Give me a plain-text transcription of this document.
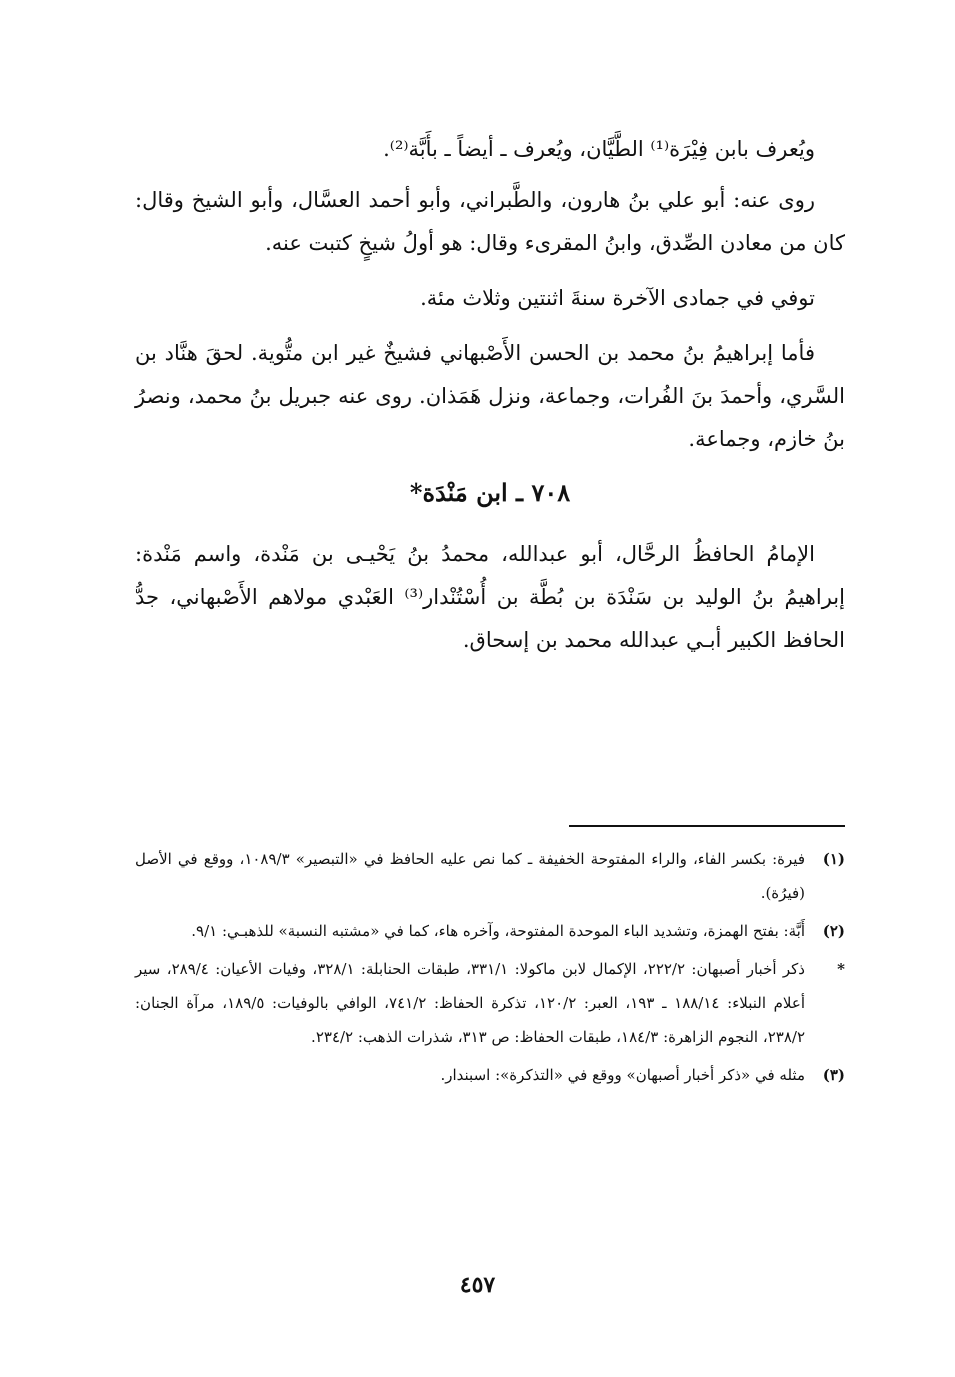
ويُعرف بابن فِيْرَة⁽¹⁾ الطَّيَّان، ويُعرف ـ أيضاً ـ بأَبَّة⁽²⁾.

روى عنه: أبو علي بنُ هارون، والطَّبراني، وأبو أحمد العسَّال، وأبو الشيخ وقال: كان من معادن الصِّدق، وابنُ المقرىء وقال: هو أولُ شيخٍ كتبت عنه.

توفي في جمادى الآخرة سنةَ اثنتين وثلاث مئة.

فأما إبراهيمُ بنُ محمد بن الحسن الأَصْبهاني فشيخٌ غير ابن متُّوية. لحقَ هنَّاد بن السَّري، وأحمدَ بنَ الفُرات، وجماعة، ونزل هَمَذان. روى عنه جبريل بنُ محمد، ونصرُ بنُ خازم، وجماعة.

٧٠٨ ـ ابن مَنْدَة*

الإمامُ الحافظُ الرحَّال، أبو عبدالله، محمدُ بنُ يَحْيـى بن مَنْدة، واسم مَنْدة: إبراهيمُ بنُ الوليد بن سَنْدَة بن بُطَّة بن أُسْتُنْدار⁽³⁾ العَبْدي مولاهم الأَصْبهاني، جدُّ الحافظ الكبير أبـي عبدالله محمد بن إسحاق.

(١)
فيرة: بكسر الفاء، والراء المفتوحة الخفيفة ـ كما نص عليه الحافظ في «التبصير» ١٠٨٩/٣، ووقع في الأصل (فيرُة).
(٢)
أَبَّة: بفتح الهمزة، وتشديد الباء الموحدة المفتوحة، وآخره هاء، كما في «مشتبه النسبة» للذهبـي: ٩/١.
*
ذكر أخبار أصبهان: ٢٢٢/٢، الإكمال لابن ماكولا: ٣٣١/١، طبقات الحنابلة: ٣٢٨/١، وفيات الأعيان: ٢٨٩/٤، سير أعلام النبلاء: ١٨٨/١٤ ـ ١٩٣، العبر: ١٢٠/٢، تذكرة الحفاظ: ٧٤١/٢، الوافي بالوفيات: ١٨٩/٥، مرآة الجنان: ٢٣٨/٢، النجوم الزاهرة: ١٨٤/٣، طبقات الحفاظ: ص ٣١٣، شذرات الذهب: ٢٣٤/٢.
(٣)
مثله في «ذكر أخبار أصبهان» ووقع في «التذكرة»: اسبندار.
٤٥٧
